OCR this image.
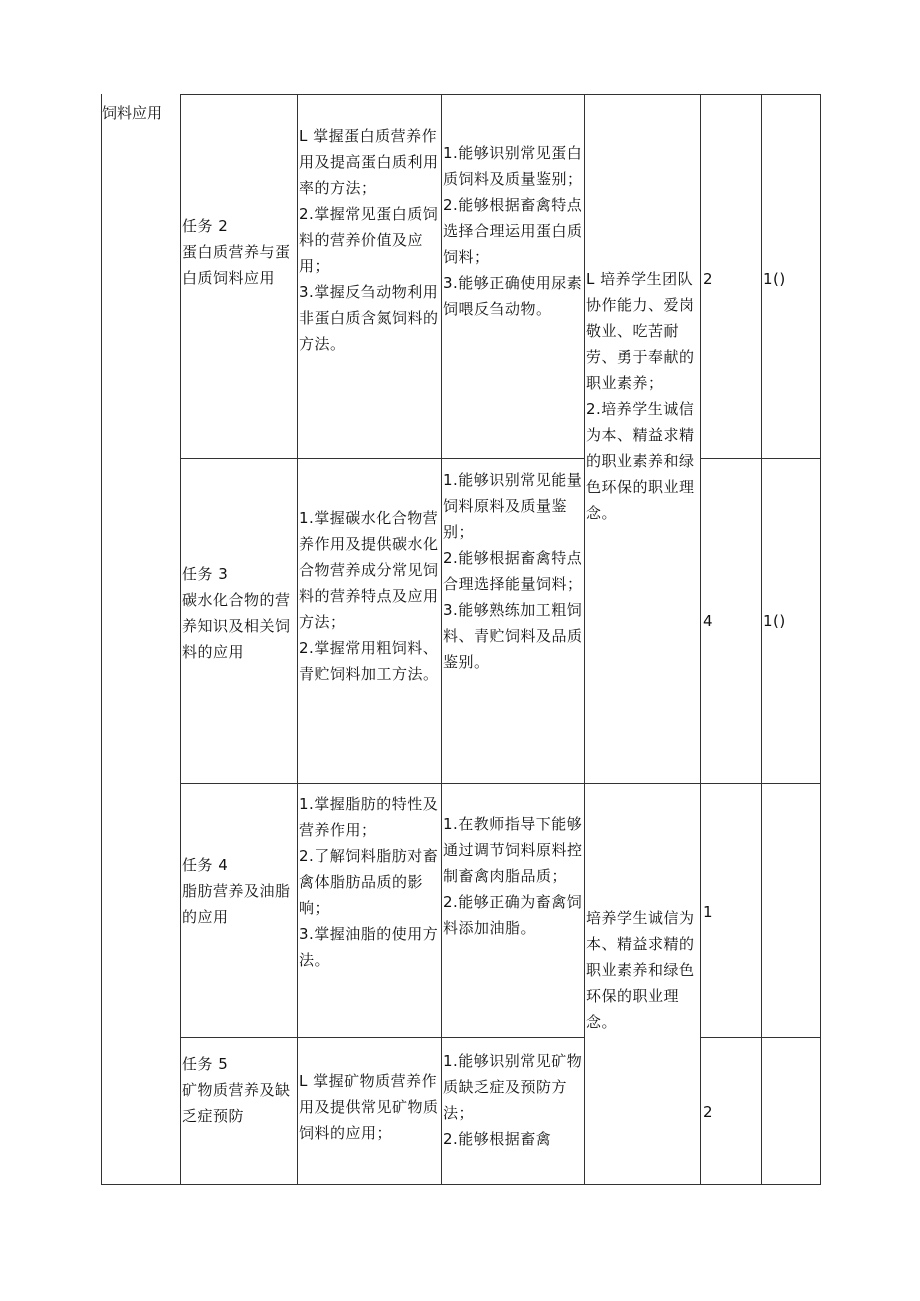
饲料应用
任务 2
蛋白质营养与蛋白质饲料应用
L 掌握蛋白质营养作用及提高蛋白质利用率的方法；
2.掌握常见蛋白质饲料的营养价值及应用；
3.掌握反刍动物利用非蛋白质含氮饲料的方法。
1.能够识别常见蛋白质饲料及质量鉴别；
2.能够根据畜禽特点选择合理运用蛋白质饲料；
3.能够正确使用尿素饲喂反刍动物。
L 培养学生团队协作能力、爱岗敬业、吃苦耐劳、勇于奉献的职业素养；
2.培养学生诚信为本、精益求精的职业素养和绿色环保的职业理念。
2	1()
任务 3
碳水化合物的营养知识及相关饲料的应用
1.掌握碳水化合物营养作用及提供碳水化合物营养成分常见饲料的营养特点及应用方法；
2.掌握常用粗饲料、青贮饲料加工方法。
1.能够识别常见能量饲料原料及质量鉴别；
2.能够根据畜禽特点合理选择能量饲料；
3.能够熟练加工粗饲料、青贮饲料及品质鉴别。
4	1()
任务 4
脂肪营养及油脂的应用
1.掌握脂肪的特性及营养作用；
2.了解饲料脂肪对畜禽体脂肪品质的影响；
3.掌握油脂的使用方法。
1.在教师指导下能够通过调节饲料原料控制畜禽肉脂品质；
2.能够正确为畜禽饲料添加油脂。
培养学生诚信为本、精益求精的职业素养和绿色环保的职业理念。
1
任务 5
矿物质营养及缺乏症预防
L 掌握矿物质营养作用及提供常见矿物质饲料的应用；
1.能够识别常见矿物质缺乏症及预防方法；
2.能够根据畜禽
2
